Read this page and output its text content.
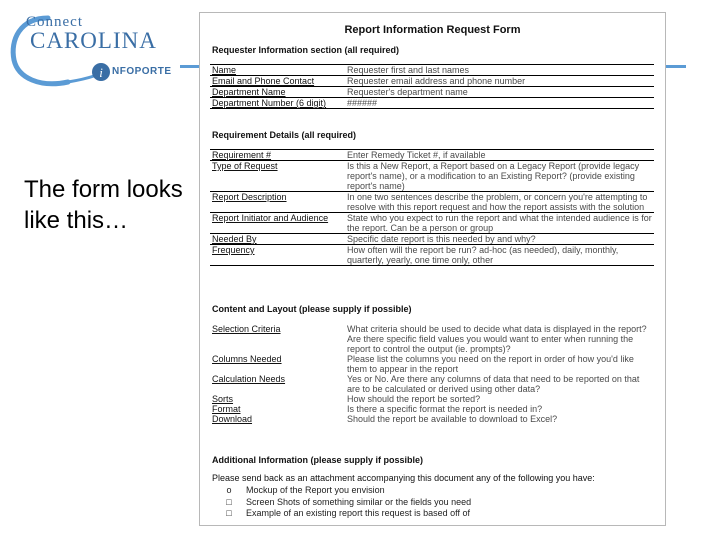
i
Connect
CAROLINA
NFOPORTE
The form looks like this…
Report Information Request Form
Requester Information section (all required)
Name	Requester first and last names
Email and Phone Contact	Requester email address and phone number
Department Name	Requester's department name
Department Number (6 digit)	######
Requirement Details (all required)
Requirement #	Enter Remedy Ticket #, if available
Type of Request	Is this a New Report, a Report based on a Legacy Report (provide legacy report's name), or a modification to an Existing Report? (provide existing report's name)
Report Description	In one two sentences describe the problem, or concern you're attempting to resolve with this report request and how the report assists with the solution
Report Initiator and Audience	State who you expect to run the report and what the intended audience is for the report. Can be a person or group
Needed By	Specific date report is this needed by and why?
Frequency	How often will the report be run? ad-hoc (as needed), daily, monthly, quarterly, yearly, one time only, other
Content and Layout (please supply if possible)
Selection Criteria	What criteria should be used to decide what data is displayed in the report? Are there specific field values you would want to enter when running the report to control the output (ie. prompts)?
Columns Needed	Please list the columns you need on the report in order of how you'd like them to appear in the report
Calculation Needs	Yes or No. Are there any columns of data that need to be reported on that are to be calculated or derived using other data?
Sorts	How should the report be sorted?
Format	Is there a specific format the report is needed in?
Download	Should the report be available to download to Excel?
Additional Information (please supply if possible)
Please send back as an attachment accompanying this document any of the following you have:
o Mockup of the Report you envision
□ Screen Shots of something similar or the fields you need
□ Example of an existing report this request is based off of
